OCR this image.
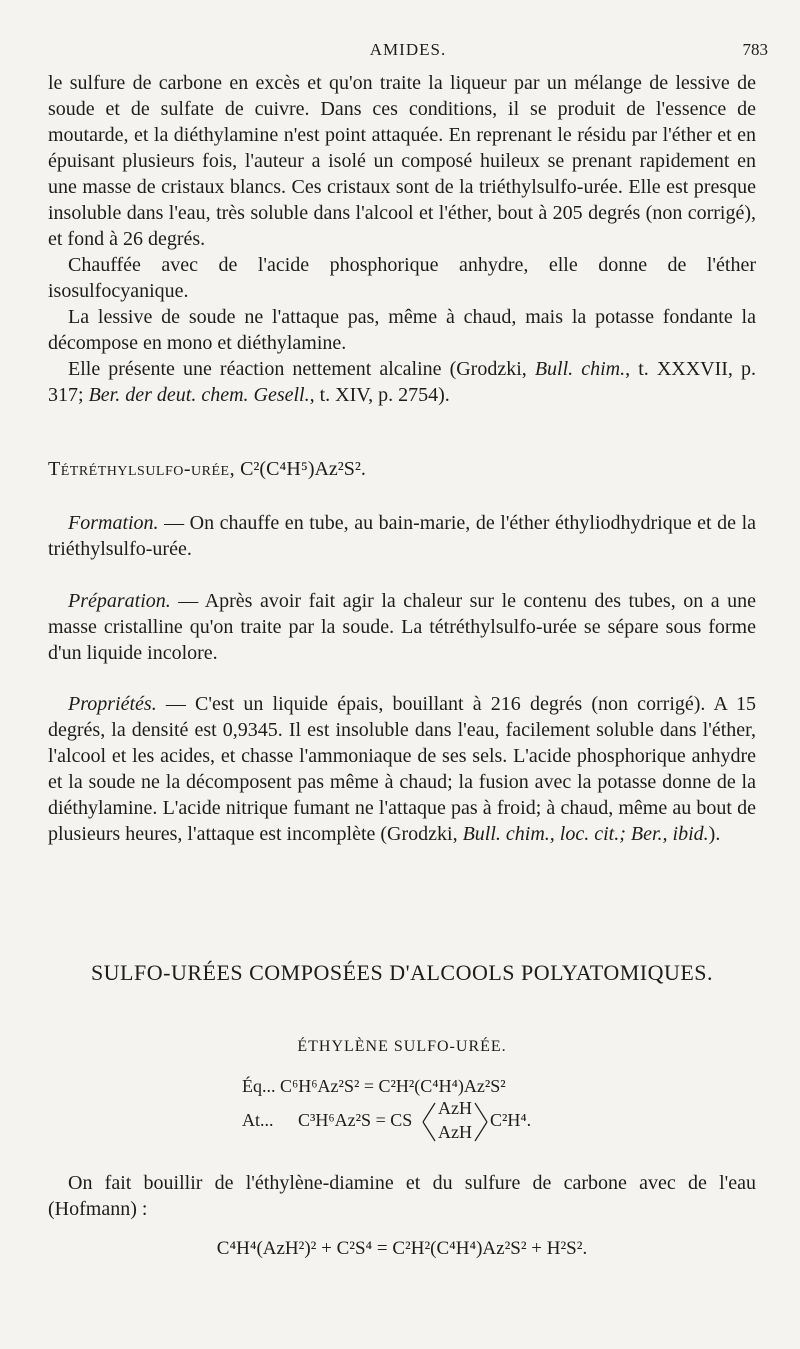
AMIDES.	783

le sulfure de carbone en excès et qu'on traite la liqueur par un mélange de lessive de soude et de sulfate de cuivre. Dans ces conditions, il se produit de l'essence de moutarde, et la diéthylamine n'est point attaquée. En reprenant le résidu par l'éther et en épuisant plusieurs fois, l'auteur a isolé un composé huileux se prenant rapidement en une masse de cristaux blancs. Ces cristaux sont de la triéthylsulfo-urée. Elle est presque insoluble dans l'eau, très soluble dans l'alcool et l'éther, bout à 205 degrés (non corrigé), et fond à 26 degrés.

Chauffée avec de l'acide phosphorique anhydre, elle donne de l'éther isosulfocyanique.

La lessive de soude ne l'attaque pas, même à chaud, mais la potasse fondante la décompose en mono et diéthylamine.

Elle présente une réaction nettement alcaline (Grodzki, Bull. chim., t. XXXVII, p. 317; Ber. der deut. chem. Gesell., t. XIV, p. 2754).

Tétréthylsulfo-urée, C²(C⁴H⁵)Az²S².

Formation. — On chauffe en tube, au bain-marie, de l'éther éthyliodhydrique et de la triéthylsulfo-urée.

Préparation. — Après avoir fait agir la chaleur sur le contenu des tubes, on a une masse cristalline qu'on traite par la soude. La tétréthylsulfo-urée se sépare sous forme d'un liquide incolore.

Propriétés. — C'est un liquide épais, bouillant à 216 degrés (non corrigé). A 15 degrés, la densité est 0,9345. Il est insoluble dans l'eau, facilement soluble dans l'éther, l'alcool et les acides, et chasse l'ammoniaque de ses sels. L'acide phosphorique anhydre et la soude ne la décomposent pas même à chaud; la fusion avec la potasse donne de la diéthylamine. L'acide nitrique fumant ne l'attaque pas à froid; à chaud, même au bout de plusieurs heures, l'attaque est incomplète (Grodzki, Bull. chim., loc. cit.; Ber., ibid.).

SULFO-URÉES COMPOSÉES D'ALCOOLS POLYATOMIQUES.
ÉTHYLÈNE SULFO-URÉE.
Éq... C⁶H⁶Az²S² = C²H²(C⁴H⁴)Az²S²
At... C³H⁶Az²S = CS
AzH
AzH
C²H⁴.

On fait bouillir de l'éthylène-diamine et du sulfure de carbone avec de l'eau (Hofmann) :

C⁴H⁴(AzH²)² + C²S⁴ = C²H²(C⁴H⁴)Az²S² + H²S².
